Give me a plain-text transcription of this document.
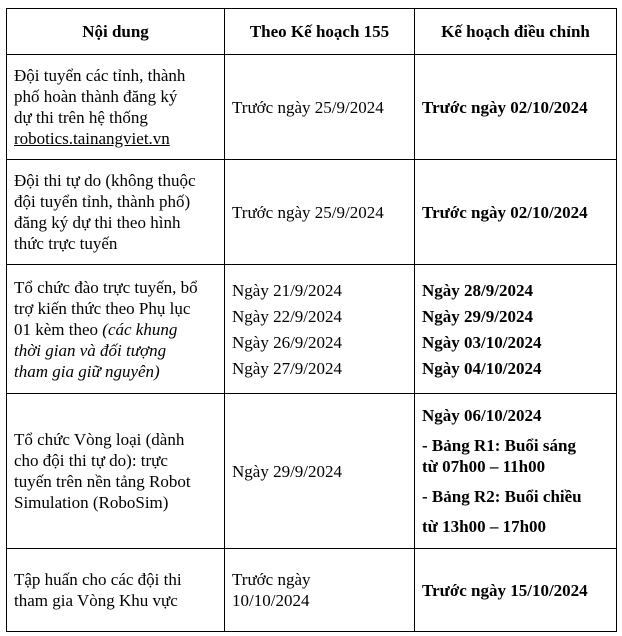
Nội dung	Theo Kế hoạch 155	Kế hoạch điều chỉnh

Đội tuyển các tỉnh, thành
phố hoàn thành đăng ký
dự thi trên hệ thống
robotics.tainangviet.vn	Trước ngày 25/9/2024	Trước ngày 02/10/2024

Đội thi tự do (không thuộc
đội tuyển tỉnh, thành phố)
đăng ký dự thi theo hình
thức trực tuyến	Trước ngày 25/9/2024	Trước ngày 02/10/2024

Tổ chức đào trực tuyến, bổ
trợ kiến thức theo Phụ lục
01 kèm theo (các khung
thời gian và đối tượng
tham gia giữ nguyên)	Ngày 21/9/2024
Ngày 22/9/2024
Ngày 26/9/2024
Ngày 27/9/2024	Ngày 28/9/2024
Ngày 29/9/2024
Ngày 03/10/2024
Ngày 04/10/2024

Tổ chức Vòng loại (dành
cho đội thi tự do): trực
tuyến trên nền tảng Robot
Simulation (RoboSim)	Ngày 29/9/2024	Ngày 06/10/2024
- Bảng R1: Buổi sáng
từ 07h00 – 11h00
- Bảng R2: Buổi chiều
từ 13h00 – 17h00

Tập huấn cho các đội thi
tham gia Vòng Khu vực	Trước ngày
10/10/2024	Trước ngày 15/10/2024
